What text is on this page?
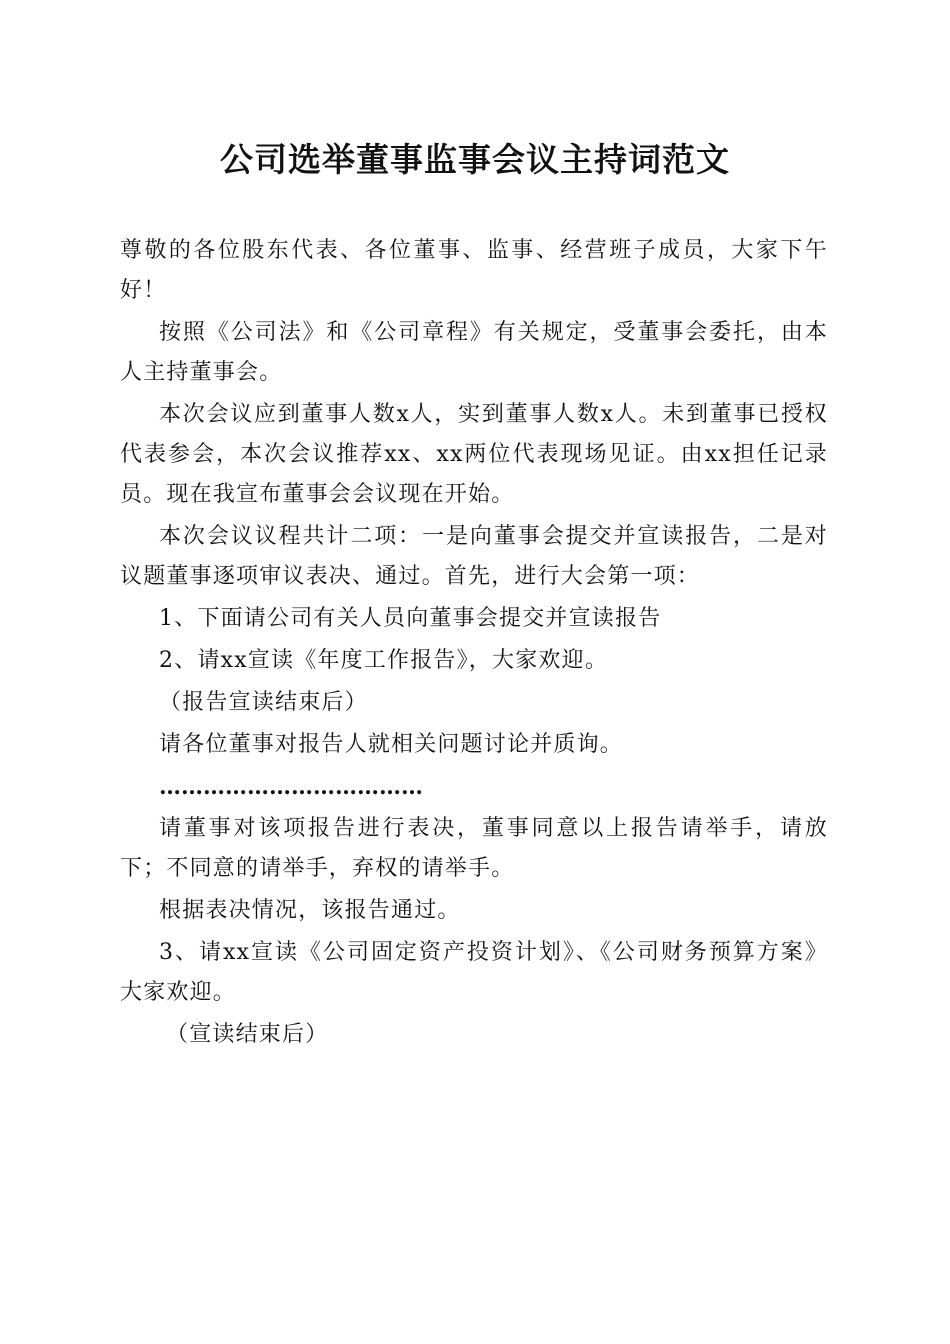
公司选举董事监事会议主持词范文

尊敬的各位股东代表、各位董事、监事、经营班子成员，大家下午好！

按照《公司法》和《公司章程》有关规定，受董事会委托，由本人主持董事会。

本次会议应到董事人数x人，实到董事人数x人。未到董事已授权代表参会，本次会议推荐xx、xx两位代表现场见证。由xx担任记录员。现在我宣布董事会会议现在开始。

本次会议议程共计二项：一是向董事会提交并宣读报告，二是对议题董事逐项审议表决、通过。首先，进行大会第一项：

1、下面请公司有关人员向董事会提交并宣读报告

2、请xx宣读《年度工作报告》，大家欢迎。

（报告宣读结束后）

请各位董事对报告人就相关问题讨论并质询。

………………………………

请董事对该项报告进行表决，董事同意以上报告请举手，请放下；不同意的请举手，弃权的请举手。

根据表决情况，该报告通过。

3、请xx宣读《公司固定资产投资计划》、《公司财务预算方案》大家欢迎。

（宣读结束后）
